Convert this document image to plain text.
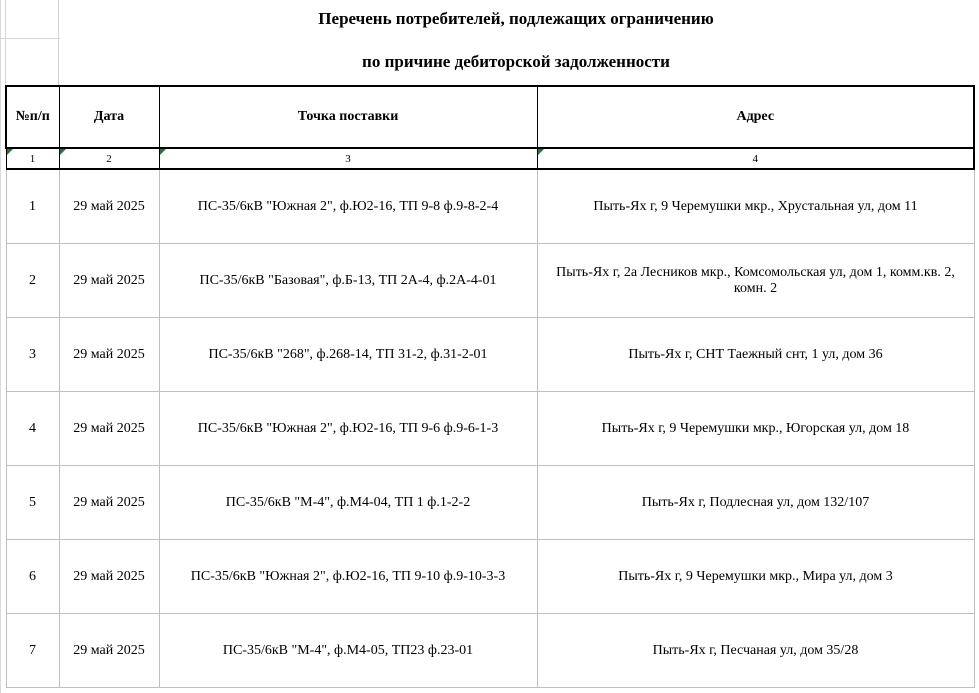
Перечень потребителей, подлежащих ограничению
по причине дебиторской задолженности
№п/п	Дата	Точка поставки	Адрес

1	2	3	4
1	29 май 2025	ПС-35/6кВ "Южная 2", ф.Ю2-16, ТП 9-8 ф.9-8-2-4	Пыть-Ях г, 9 Черемушки мкр., Хрустальная ул, дом 11
2	29 май 2025	ПС-35/6кВ "Базовая", ф.Б-13, ТП 2А-4, ф.2А-4-01	Пыть-Ях г, 2а Лесников мкр., Комсомольская ул, дом 1, комм.кв. 2, комн. 2
3	29 май 2025	ПС-35/6кВ "268", ф.268-14, ТП 31-2, ф.31-2-01	Пыть-Ях г, СНТ Таежный снт, 1 ул, дом 36
4	29 май 2025	ПС-35/6кВ "Южная 2", ф.Ю2-16, ТП 9-6 ф.9-6-1-3	Пыть-Ях г, 9 Черемушки мкр., Югорская ул, дом 18
5	29 май 2025	ПС-35/6кВ "М-4", ф.М4-04, ТП 1 ф.1-2-2	Пыть-Ях г, Подлесная ул, дом 132/107
6	29 май 2025	ПС-35/6кВ "Южная 2", ф.Ю2-16, ТП 9-10 ф.9-10-3-3	Пыть-Ях г, 9 Черемушки мкр., Мира ул, дом 3
7	29 май 2025	ПС-35/6кВ "М-4", ф.М4-05, ТП23 ф.23-01	Пыть-Ях г, Песчаная ул, дом 35/28
